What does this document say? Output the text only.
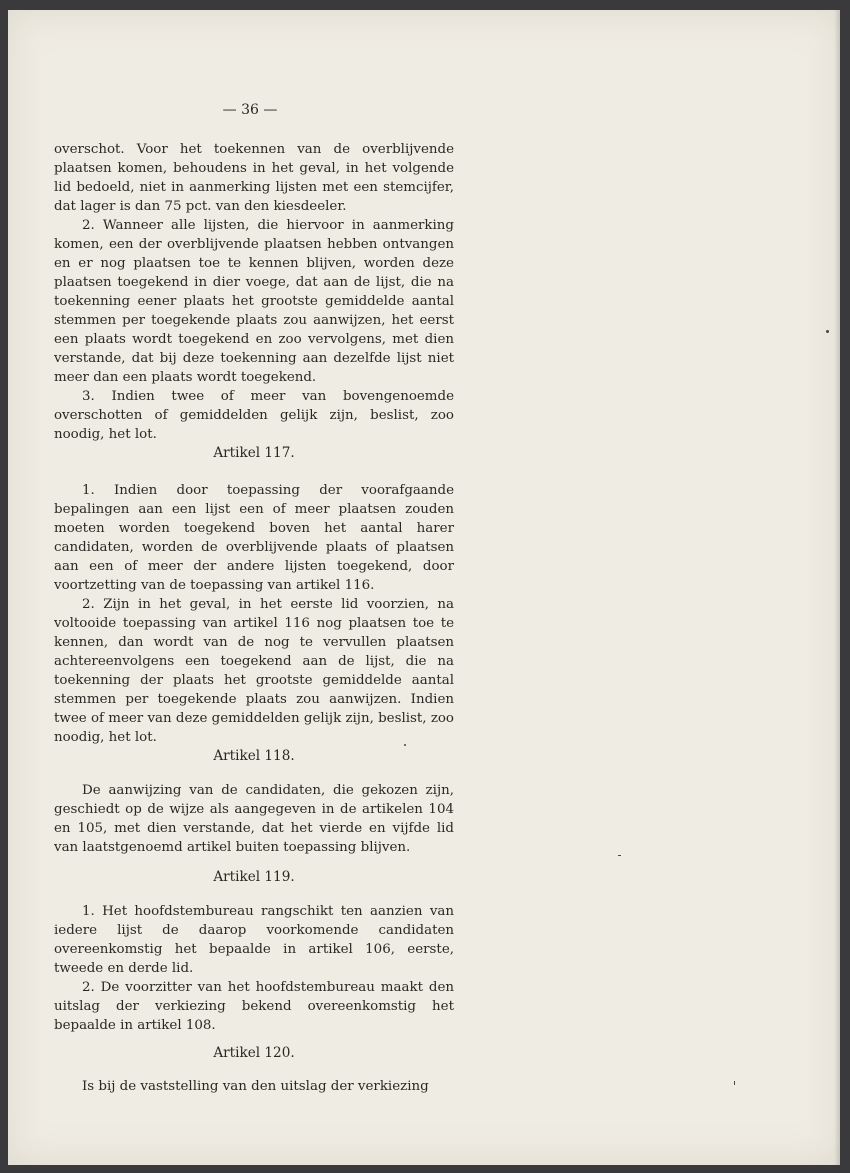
— 36 —

overschot. Voor het toekennen van de overblijvende plaatsen komen, behoudens in het geval, in het volgende lid bedoeld, niet in aanmerking lijsten met een stemcijfer, dat lager is dan 75 pct. van den kiesdeeler.

2. Wanneer alle lijsten, die hiervoor in aanmerking komen, een der overblijvende plaatsen hebben ontvangen en er nog plaatsen toe te kennen blijven, worden deze plaatsen toegekend in dier voege, dat aan de lijst, die na toekenning eener plaats het grootste gemiddelde aantal stemmen per toegekende plaats zou aanwijzen, het eerst een plaats wordt toegekend en zoo vervolgens, met dien verstande, dat bij deze toekenning aan dezelfde lijst niet meer dan een plaats wordt toegekend.

3. Indien twee of meer van bovengenoemde overschotten of gemiddelden gelijk zijn, beslist, zoo noodig, het lot.

Artikel 117.

1. Indien door toepassing der voorafgaande bepalingen aan een lijst een of meer plaatsen zouden moeten worden toegekend boven het aantal harer candidaten, worden de overblijvende plaats of plaatsen aan een of meer der andere lijsten toegekend, door voortzetting van de toepassing van artikel 116.

2. Zijn in het geval, in het eerste lid voorzien, na voltooide toepassing van artikel 116 nog plaatsen toe te kennen, dan wordt van de nog te vervullen plaatsen achtereenvolgens een toegekend aan de lijst, die na toekenning der plaats het grootste gemiddelde aantal stemmen per toegekende plaats zou aanwijzen. Indien twee of meer van deze gemiddelden gelijk zijn, beslist, zoo noodig, het lot.

Artikel 118.

De aanwijzing van de candidaten, die gekozen zijn, geschiedt op de wijze als aangegeven in de artikelen 104 en 105, met dien verstande, dat het vierde en vijfde lid van laatstgenoemd artikel buiten toepassing blijven.

Artikel 119.

1. Het hoofdstembureau rangschikt ten aanzien van iedere lijst de daarop voorkomende candidaten overeenkomstig het bepaalde in artikel 106, eerste, tweede en derde lid.

2. De voorzitter van het hoofdstembureau maakt den uitslag der verkiezing bekend overeenkomstig het bepaalde in artikel 108.

Artikel 120.

Is bij de vaststelling van den uitslag der verkiezing
